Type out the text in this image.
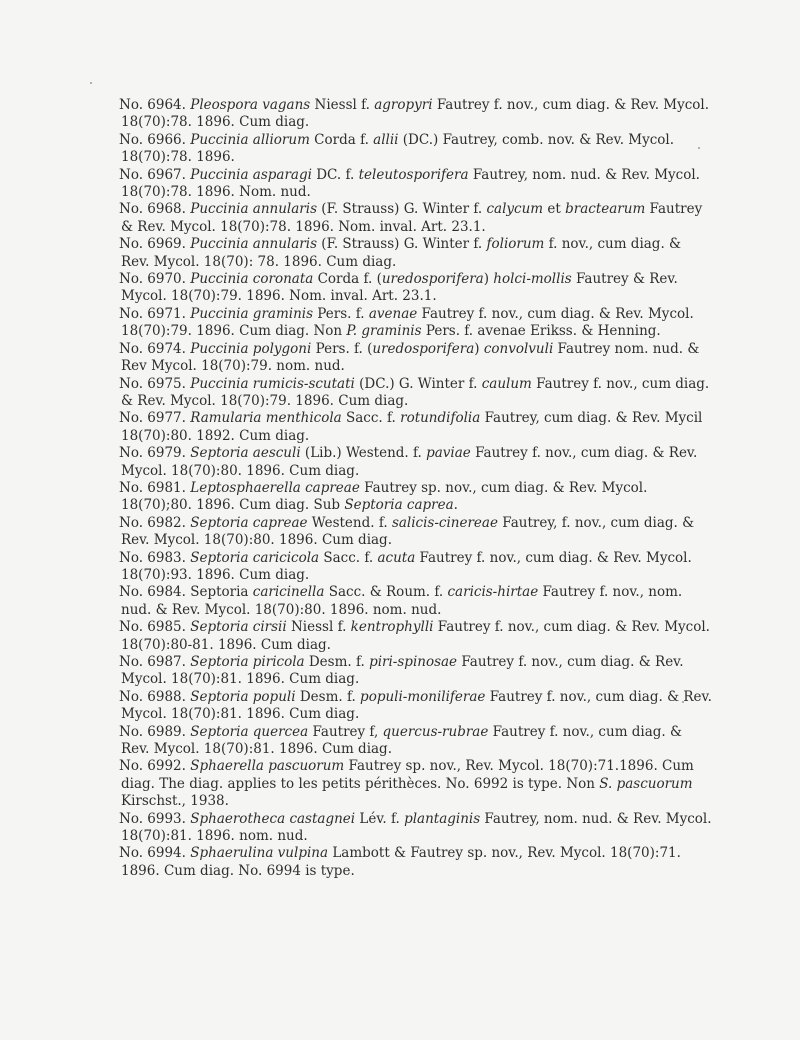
No. 6964. Pleospora vagans Niessl f. agropyri Fautrey f. nov., cum diag. & Rev. Mycol.
18(70):78. 1896. Cum diag.

No. 6966. Puccinia alliorum Corda f. allii (DC.) Fautrey, comb. nov. & Rev. Mycol.
18(70):78. 1896.

No. 6967. Puccinia asparagi DC. f. teleutosporifera Fautrey, nom. nud. & Rev. Mycol.
18(70):78. 1896. Nom. nud.

No. 6968. Puccinia annularis (F. Strauss) G. Winter f. calycum et bractearum Fautrey
& Rev. Mycol. 18(70):78. 1896. Nom. inval. Art. 23.1.

No. 6969. Puccinia annularis (F. Strauss) G. Winter f. foliorum f. nov., cum diag. &
Rev. Mycol. 18(70): 78. 1896. Cum diag.

No. 6970. Puccinia coronata Corda f. (uredosporifera) holci-mollis Fautrey & Rev.
Mycol. 18(70):79. 1896. Nom. inval. Art. 23.1.

No. 6971. Puccinia graminis Pers. f. avenae Fautrey f. nov., cum diag. & Rev. Mycol.
18(70):79. 1896. Cum diag. Non P. graminis Pers. f. avenae Erikss. & Henning.

No. 6974. Puccinia polygoni Pers. f. (uredosporifera) convolvuli Fautrey nom. nud. &
Rev Mycol. 18(70):79. nom. nud.

No. 6975. Puccinia rumicis-scutati (DC.) G. Winter f. caulum Fautrey f. nov., cum diag.
& Rev. Mycol. 18(70):79. 1896. Cum diag.

No. 6977. Ramularia menthicola Sacc. f. rotundifolia Fautrey, cum diag. & Rev. Mycil
18(70):80. 1892. Cum diag.

No. 6979. Septoria aesculi (Lib.) Westend. f. paviae Fautrey f. nov., cum diag. & Rev.
Mycol. 18(70):80. 1896. Cum diag.

No. 6981. Leptosphaerella capreae Fautrey sp. nov., cum diag. & Rev. Mycol.
18(70);80. 1896. Cum diag. Sub Septoria caprea.

No. 6982. Septoria capreae Westend. f. salicis-cinereae Fautrey, f. nov., cum diag. &
Rev. Mycol. 18(70):80. 1896. Cum diag.

No. 6983. Septoria caricicola Sacc. f. acuta Fautrey f. nov., cum diag. & Rev. Mycol.
18(70):93. 1896. Cum diag.

No. 6984. Septoria caricinella Sacc. & Roum. f. caricis-hirtae Fautrey f. nov., nom.
nud. & Rev. Mycol. 18(70):80. 1896. nom. nud.

No. 6985. Septoria cirsii Niessl f. kentrophylli Fautrey f. nov., cum diag. & Rev. Mycol.
18(70):80-81. 1896. Cum diag.

No. 6987. Septoria piricola Desm. f. piri-spinosae Fautrey f. nov., cum diag. & Rev.
Mycol. 18(70):81. 1896. Cum diag.

No. 6988. Septoria populi Desm. f. populi-moniliferae Fautrey f. nov., cum diag. & Rev.
Mycol. 18(70):81. 1896. Cum diag.

No. 6989. Septoria quercea Fautrey f, quercus-rubrae Fautrey f. nov., cum diag. &
Rev. Mycol. 18(70):81. 1896. Cum diag.

No. 6992. Sphaerella pascuorum Fautrey sp. nov., Rev. Mycol. 18(70):71.1896. Cum
diag. The diag. applies to les petits périthèces. No. 6992 is type. Non S. pascuorum
Kirschst., 1938.

No. 6993. Sphaerotheca castagnei Lév. f. plantaginis Fautrey, nom. nud. & Rev. Mycol.
18(70):81. 1896. nom. nud.

No. 6994. Sphaerulina vulpina Lambott & Fautrey sp. nov., Rev. Mycol. 18(70):71.
1896. Cum diag. No. 6994 is type.
